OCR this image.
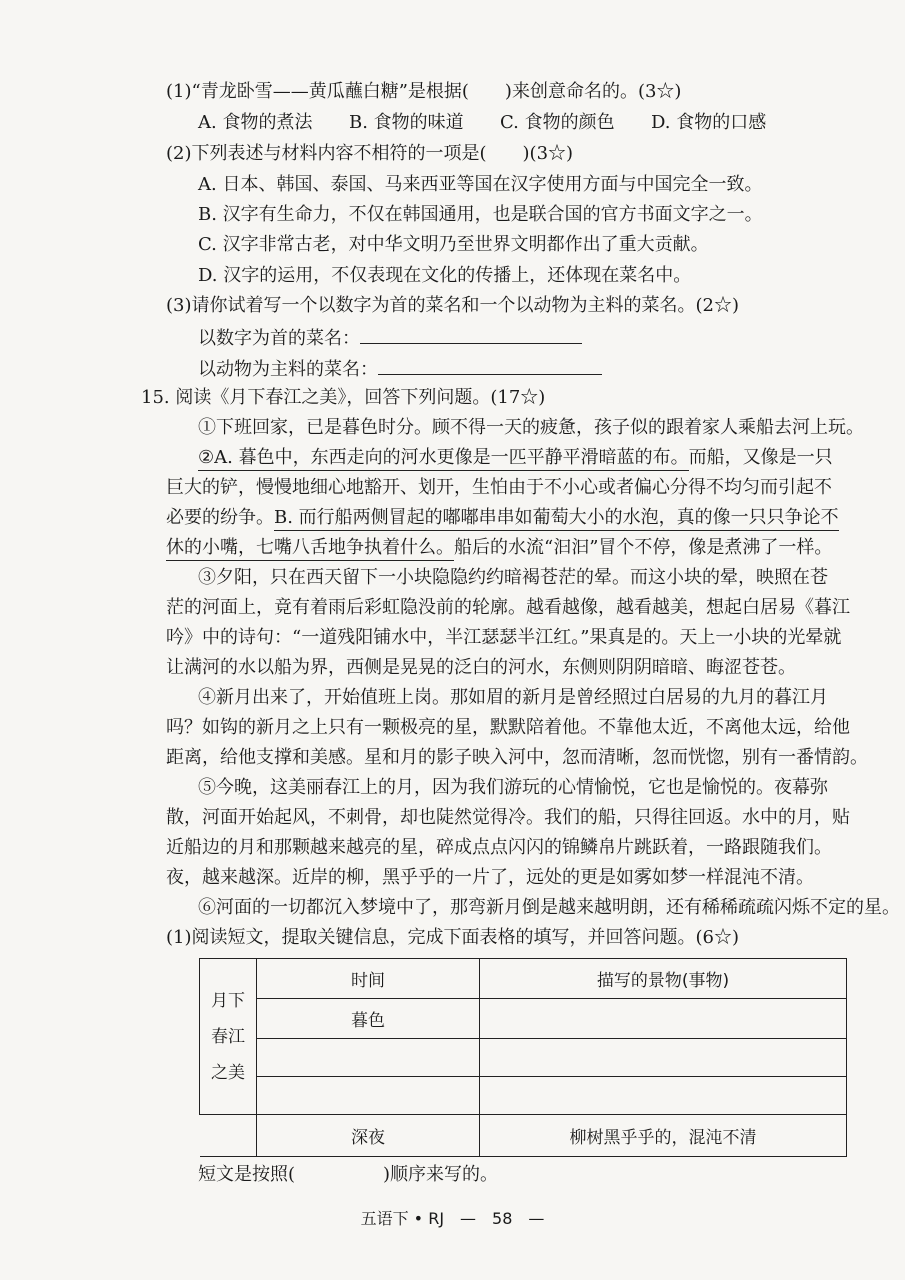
(1)“青龙卧雪——黄瓜蘸白糖”是根据(　　)来创意命名的。(3☆)
A. 食物的煮法 B. 食物的味道 C. 食物的颜色 D. 食物的口感
(2)下列表述与材料内容不相符的一项是(　　)(3☆)
A. 日本、韩国、泰国、马来西亚等国在汉字使用方面与中国完全一致。
B. 汉字有生命力，不仅在韩国通用，也是联合国的官方书面文字之一。
C. 汉字非常古老，对中华文明乃至世界文明都作出了重大贡献。
D. 汉字的运用，不仅表现在文化的传播上，还体现在菜名中。
(3)请你试着写一个以数字为首的菜名和一个以动物为主料的菜名。(2☆)
以数字为首的菜名：
以动物为主料的菜名：
15. 阅读《月下春江之美》，回答下列问题。(17☆)
①下班回家，已是暮色时分。顾不得一天的疲惫，孩子似的跟着家人乘船去河上玩。
②A. 暮色中，东西走向的河水更像是一匹平静平滑暗蓝的布。而船，又像是一只
巨大的铲，慢慢地细心地豁开、划开，生怕由于不小心或者偏心分得不均匀而引起不
必要的纷争。B. 而行船两侧冒起的嘟嘟串串如葡萄大小的水泡，真的像一只只争论不
休的小嘴，七嘴八舌地争执着什么。船后的水流“汩汩”冒个不停，像是煮沸了一样。
③夕阳，只在西天留下一小块隐隐约约暗褐苍茫的晕。而这小块的晕，映照在苍
茫的河面上，竟有着雨后彩虹隐没前的轮廓。越看越像，越看越美，想起白居易《暮江
吟》中的诗句：“一道残阳铺水中，半江瑟瑟半江红。”果真是的。天上一小块的光晕就
让满河的水以船为界，西侧是晃晃的泛白的河水，东侧则阴阴暗暗、晦涩苍苍。
④新月出来了，开始值班上岗。那如眉的新月是曾经照过白居易的九月的暮江月
吗？如钩的新月之上只有一颗极亮的星，默默陪着他。不靠他太近，不离他太远，给他
距离，给他支撑和美感。星和月的影子映入河中，忽而清晰，忽而恍惚，别有一番情韵。
⑤今晚，这美丽春江上的月，因为我们游玩的心情愉悦，它也是愉悦的。夜幕弥
散，河面开始起风，不刺骨，却也陡然觉得冷。我们的船，只得往回返。水中的月，贴
近船边的月和那颗越来越亮的星，碎成点点闪闪的锦鳞帛片跳跃着，一路跟随我们。
夜，越来越深。近岸的柳，黑乎乎的一片了，远处的更是如雾如梦一样混沌不清。
⑥河面的一切都沉入梦境中了，那弯新月倒是越来越明朗，还有稀稀疏疏闪烁不定的星。
(1)阅读短文，提取关键信息，完成下面表格的填写，并回答问题。(6☆)
月下
春江
之美	时间	描写的景物(事物)
	暮色	

	深夜	柳树黑乎乎的，混沌不清
短文是按照(	)顺序来写的。
五语下 • RJ　—　58　—
